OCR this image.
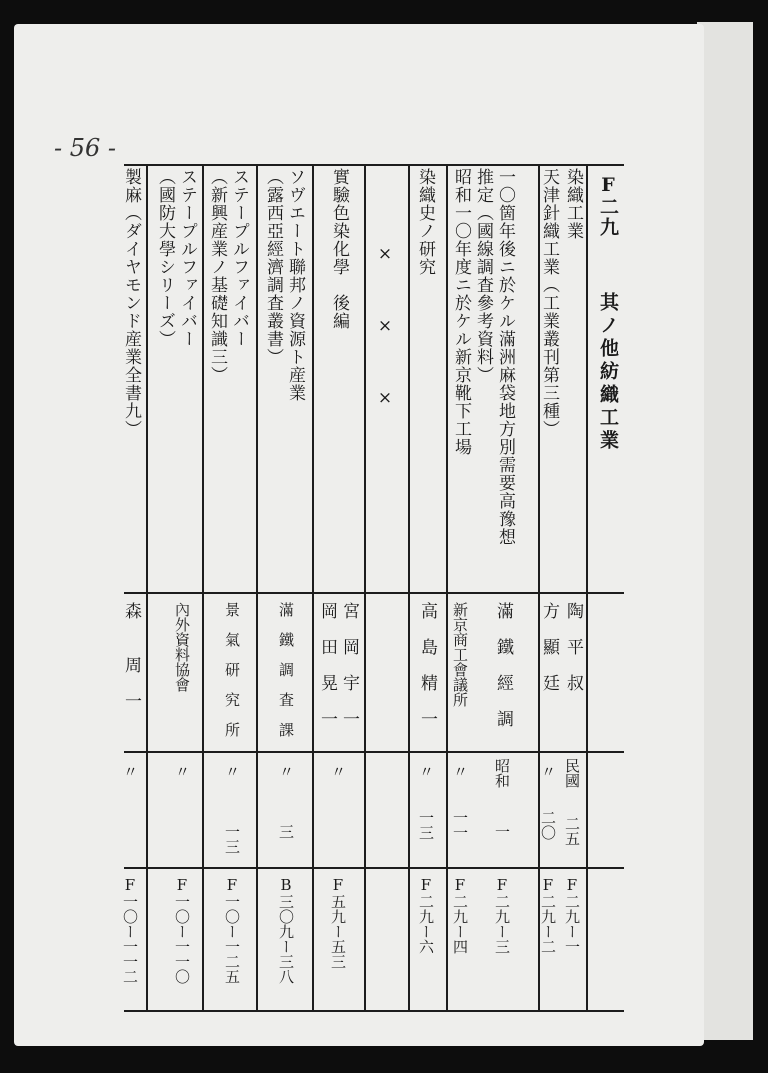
- 56 -
F二九
其ノ他紡織工業
染織工業
陶　平　叔
民國
二五
F二九ー一
天津針織工業（工業叢刊第三種）
方　顯　廷
〃
二〇
F二九ー二
一〇箇年後ニ於ケル滿洲麻袋地方別需要高豫想
推定（國線調査參考資料）
滿　鐵　經　調
昭和
一
F二九ー三
昭和一〇年度ニ於ケル新京靴下工場
新京商工會議所
〃
一一
F二九ー四
染織史ノ研究
高　島　精　一
〃
一三
F二九ー六
×　　×　　×
實驗色染化學　後編
宮　岡　宇　一
岡　田　晃　一
〃
F五九ー五三
ソヴエート聯邦ノ資源ト産業
（露西亞經濟調査叢書）
滿　鐵　調　査　課
〃
三
B三〇九ー三八
ステープルファイバー
（新興産業ノ基礎知識三）
景　氣　研　究　所
〃
一三
F一〇ー一二五
ステープルファイバー
（國防大學シリーズ）
內外資料協會
〃
F一〇ー一一〇
製麻（ダイヤモンド産業全書九）
森　　周　一
〃
F一〇ー一一二
